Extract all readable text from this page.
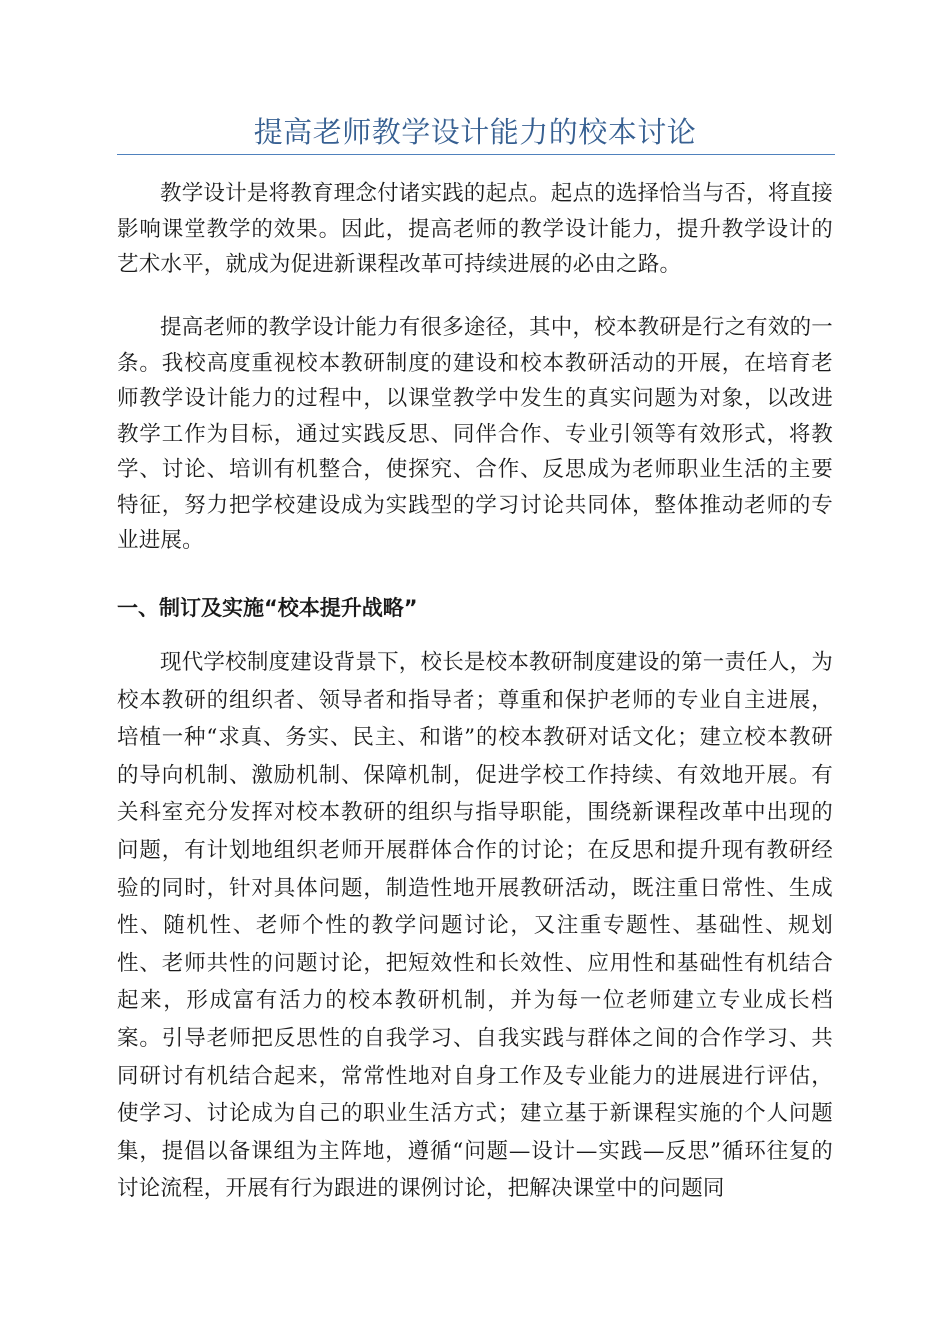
提高老师教学设计能力的校本讨论

教学设计是将教育理念付诸实践的起点。起点的选择恰当与否，将直接影响课堂教学的效果。因此，提高老师的教学设计能力，提升教学设计的艺术水平，就成为促进新课程改革可持续进展的必由之路。

提高老师的教学设计能力有很多途径，其中，校本教研是行之有效的一条。我校高度重视校本教研制度的建设和校本教研活动的开展，在培育老师教学设计能力的过程中，以课堂教学中发生的真实问题为对象，以改进教学工作为目标，通过实践反思、同伴合作、专业引领等有效形式，将教学、讨论、培训有机整合，使探究、合作、反思成为老师职业生活的主要特征，努力把学校建设成为实践型的学习讨论共同体，整体推动老师的专业进展。

一、制订及实施“校本提升战略”

现代学校制度建设背景下，校长是校本教研制度建设的第一责任人，为校本教研的组织者、领导者和指导者；尊重和保护老师的专业自主进展，培植一种“求真、务实、民主、和谐”的校本教研对话文化；建立校本教研的导向机制、激励机制、保障机制，促进学校工作持续、有效地开展。有关科室充分发挥对校本教研的组织与指导职能，围绕新课程改革中出现的问题，有计划地组织老师开展群体合作的讨论；在反思和提升现有教研经验的同时，针对具体问题，制造性地开展教研活动，既注重日常性、生成性、随机性、老师个性的教学问题讨论，又注重专题性、基础性、规划性、老师共性的问题讨论，把短效性和长效性、应用性和基础性有机结合起来，形成富有活力的校本教研机制，并为每一位老师建立专业成长档案。引导老师把反思性的自我学习、自我实践与群体之间的合作学习、共同研讨有机结合起来，常常性地对自身工作及专业能力的进展进行评估，使学习、讨论成为自己的职业生活方式；建立基于新课程实施的个人问题集，提倡以备课组为主阵地，遵循“问题—设计—实践—反思”循环往复的讨论流程，开展有行为跟进的课例讨论，把解决课堂中的问题同
